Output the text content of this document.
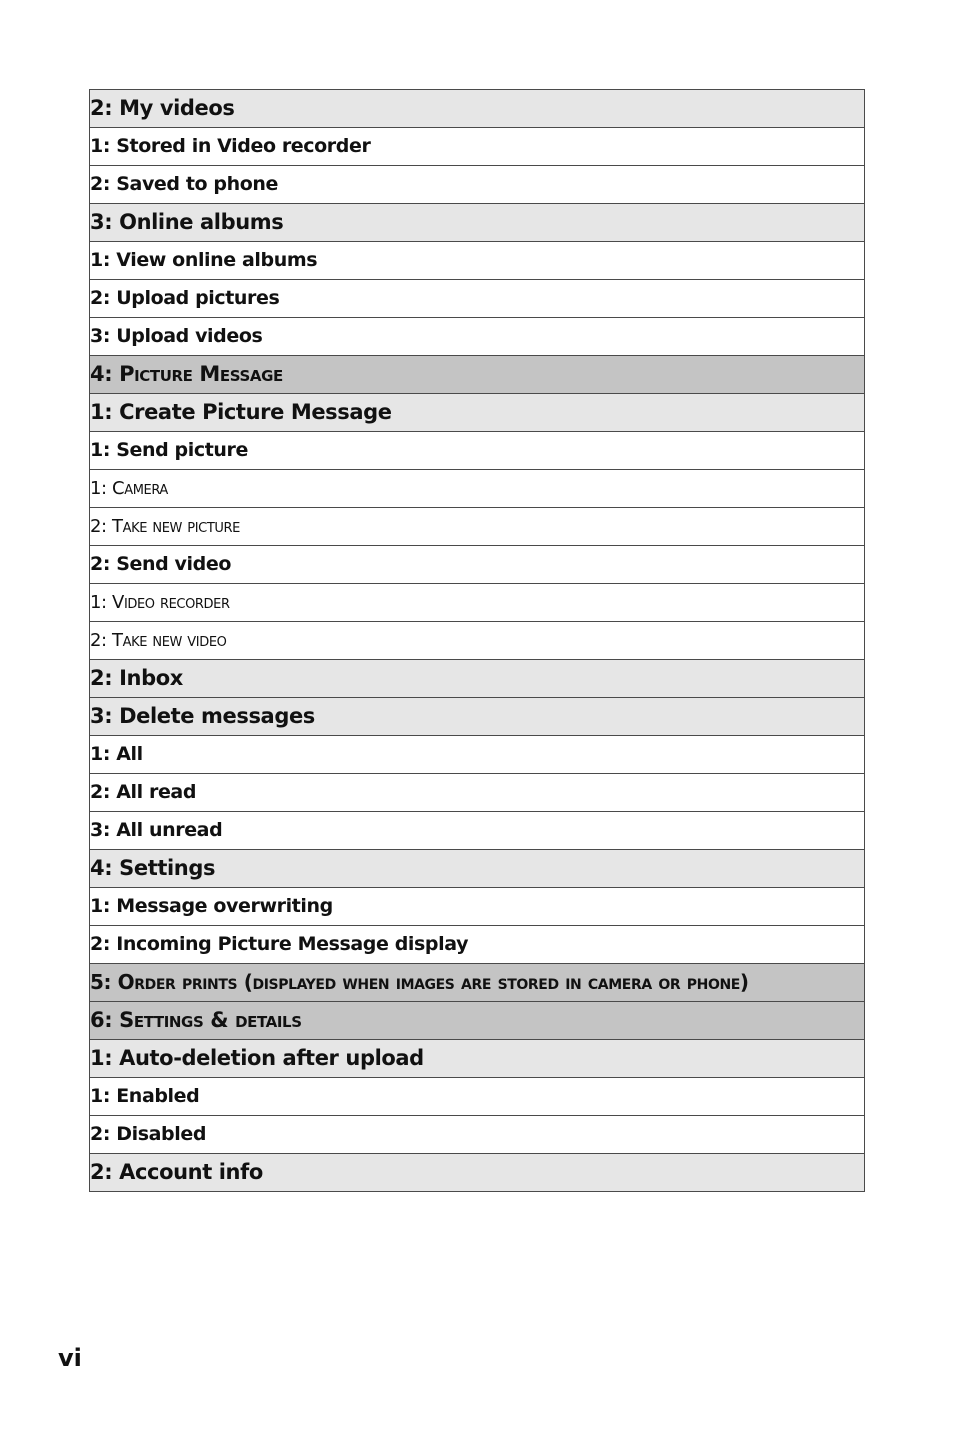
2: My videos
1: Stored in Video recorder
2: Saved to phone
3: Online albums
1: View online albums
2: Upload pictures
3: Upload videos
4: Picture Message
1: Create Picture Message
1: Send picture
1: Camera
2: Take new picture
2: Send video
1: Video recorder
2: Take new video
2: Inbox
3: Delete messages
1: All
2: All read
3: All unread
4: Settings
1: Message overwriting
2: Incoming Picture Message display
5: Order prints (displayed when images are stored in camera or phone)
6: Settings & details
1: Auto-deletion after upload
1: Enabled
2: Disabled
2: Account info
vi
